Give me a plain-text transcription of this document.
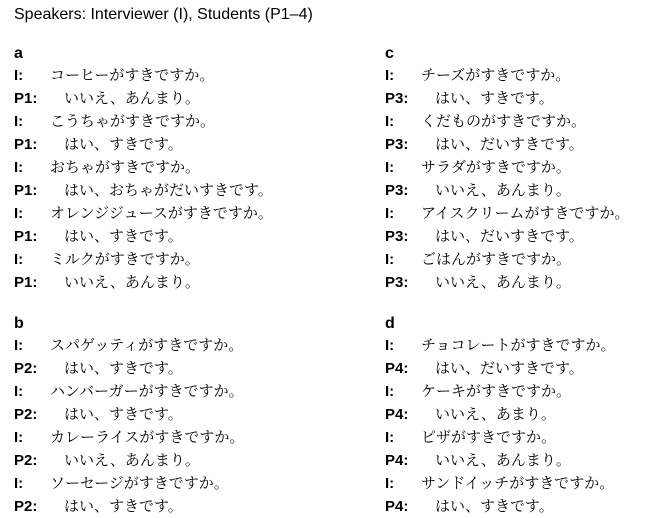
Speakers: Interviewer (I), Students (P1–4)
a
I:	コーヒーがすきですか。
P1:	いいえ、あんまり。
I:	こうちゃがすきですか。
P1:	はい、すきです。
I:	おちゃがすきですか。
P1:	はい、おちゃがだいすきです。
I:	オレンジジュースがすきですか。
P1:	はい、すきです。
I:	ミルクがすきですか。
P1:	いいえ、あんまり。
b
I:	スパゲッティがすきですか。
P2:	はい、すきです。
I:	ハンバーガーがすきですか。
P2:	はい、すきです。
I:	カレーライスがすきですか。
P2:	いいえ、あんまり。
I:	ソーセージがすきですか。
P2:	はい、すきです。
c
I:	チーズがすきですか。
P3:	はい、すきです。
I:	くだものがすきですか。
P3:	はい、だいすきです。
I:	サラダがすきですか。
P3:	いいえ、あんまり。
I:	アイスクリームがすきですか。
P3:	はい、だいすきです。
I:	ごはんがすきですか。
P3:	いいえ、あんまり。
d
I:	チョコレートがすきですか。
P4:	はい、だいすきです。
I:	ケーキがすきですか。
P4:	いいえ、あまり。
I:	ピザがすきですか。
P4:	いいえ、あんまり。
I:	サンドイッチがすきですか。
P4:	はい、すきです。
